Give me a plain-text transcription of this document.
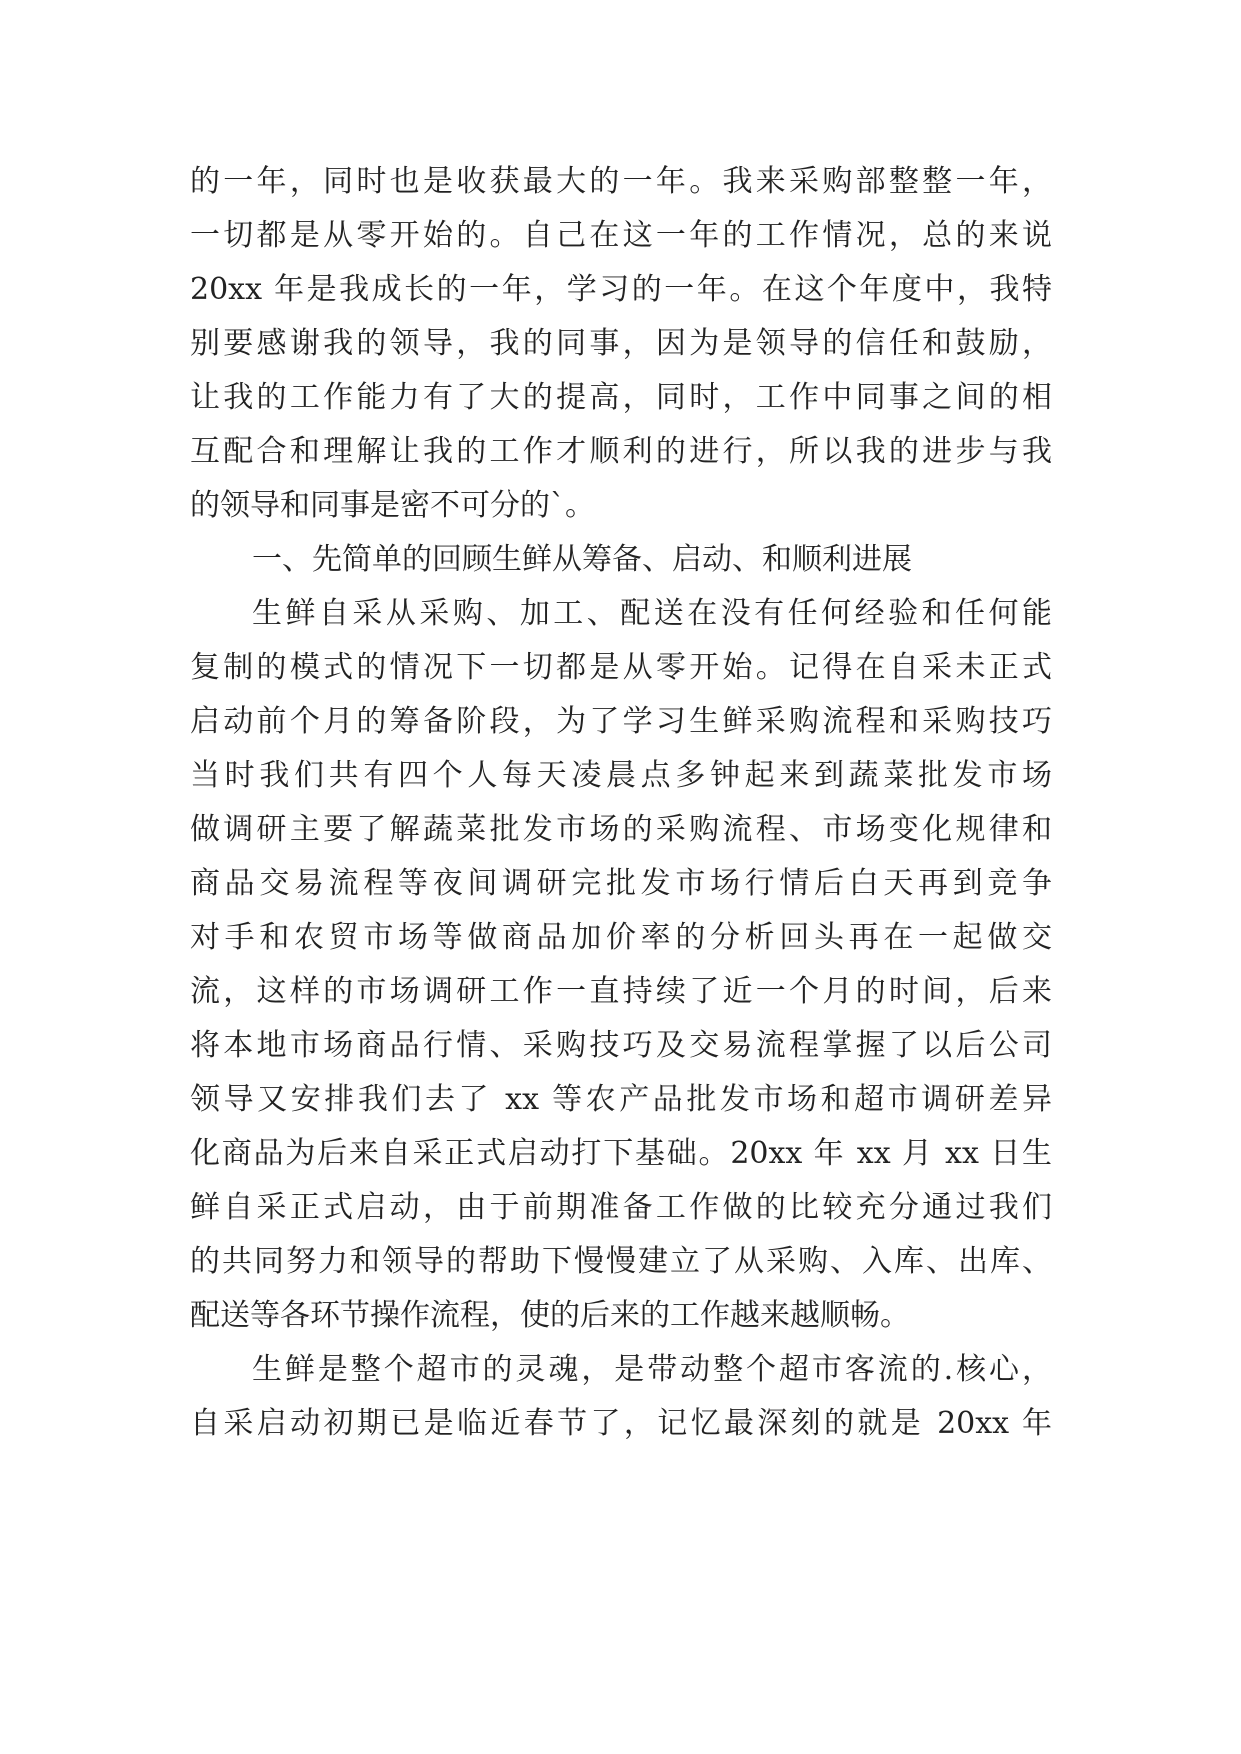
的一年，同时也是收获最大的一年。我来采购部整整一年，
一切都是从零开始的。自己在这一年的工作情况，总的来说
20xx 年是我成长的一年，学习的一年。在这个年度中，我特
别要感谢我的领导，我的同事，因为是领导的信任和鼓励，
让我的工作能力有了大的提高，同时，工作中同事之间的相
互配合和理解让我的工作才顺利的进行，所以我的进步与我
的领导和同事是密不可分的`。
一、先简单的回顾生鲜从筹备、启动、和顺利进展
生鲜自采从采购、加工、配送在没有任何经验和任何能
复制的模式的情况下一切都是从零开始。记得在自采未正式
启动前个月的筹备阶段，为了学习生鲜采购流程和采购技巧
当时我们共有四个人每天凌晨点多钟起来到蔬菜批发市场
做调研主要了解蔬菜批发市场的采购流程、市场变化规律和
商品交易流程等夜间调研完批发市场行情后白天再到竞争
对手和农贸市场等做商品加价率的分析回头再在一起做交
流，这样的市场调研工作一直持续了近一个月的时间，后来
将本地市场商品行情、采购技巧及交易流程掌握了以后公司
领导又安排我们去了 xx 等农产品批发市场和超市调研差异
化商品为后来自采正式启动打下基础。20xx 年 xx 月 xx 日生
鲜自采正式启动，由于前期准备工作做的比较充分通过我们
的共同努力和领导的帮助下慢慢建立了从采购、入库、出库、
配送等各环节操作流程，使的后来的工作越来越顺畅。
生鲜是整个超市的灵魂，是带动整个超市客流的.核心，
自采启动初期已是临近春节了，记忆最深刻的就是 20xx 年
